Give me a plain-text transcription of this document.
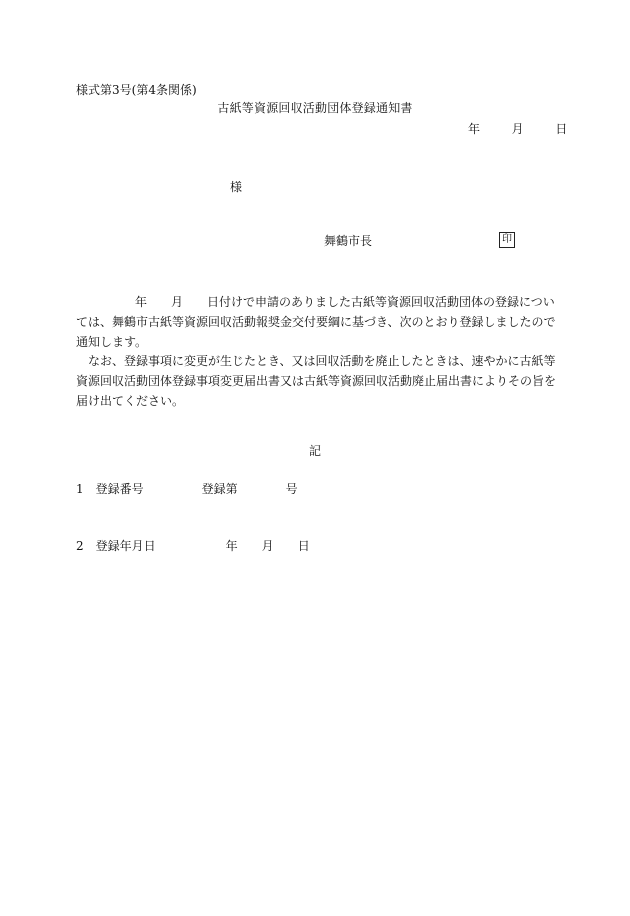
様式第3号(第4条関係)
古紙等資源回収活動団体登録通知書
年	月	日
様
舞鶴市長	印
年 月 日付けで申請のありました古紙等資源回収活動団体の登録につい
ては、舞鶴市古紙等資源回収活動報奨金交付要綱に基づき、次のとおり登録しましたので
通知します。
なお、登録事項に変更が生じたとき、又は回収活動を廃止したときは、速やかに古紙等
資源回収活動団体登録事項変更届出書又は古紙等資源回収活動廃止届出書によりその旨を
届け出てください。
記
1 登録番号	登録第	号
2 登録年月日	年 月 日
